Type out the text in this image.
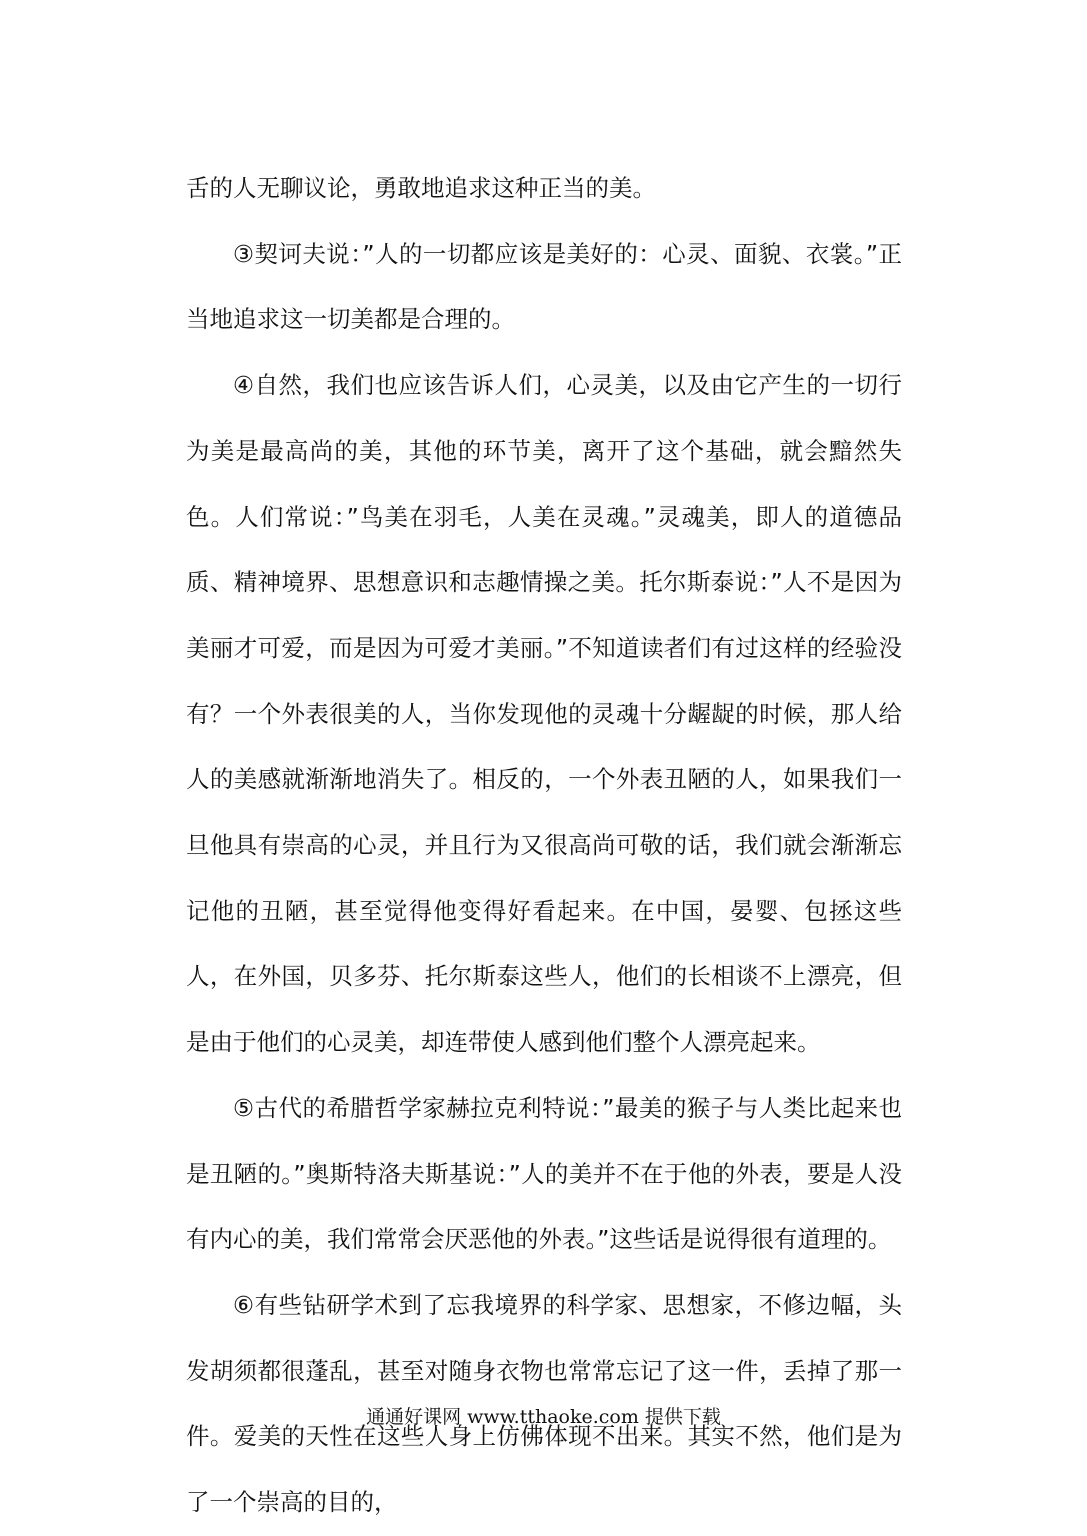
舌的人无聊议论，勇敢地追求这种正当的美。

③契诃夫说：”人的一切都应该是美好的：心灵、面貌、衣裳。”正当地追求这一切美都是合理的。

④自然，我们也应该告诉人们，心灵美，以及由它产生的一切行为美是最高尚的美，其他的环节美，离开了这个基础，就会黯然失色。人们常说：”鸟美在羽毛，人美在灵魂。”灵魂美，即人的道德品质、精神境界、思想意识和志趣情操之美。托尔斯泰说：”人不是因为美丽才可爱，而是因为可爱才美丽。”不知道读者们有过这样的经验没有？一个外表很美的人，当你发现他的灵魂十分龌龊的时候，那人给人的美感就渐渐地消失了。相反的，一个外表丑陋的人，如果我们一旦他具有崇高的心灵，并且行为又很高尚可敬的话，我们就会渐渐忘记他的丑陋，甚至觉得他变得好看起来。在中国，晏婴、包拯这些人，在外国，贝多芬、托尔斯泰这些人，他们的长相谈不上漂亮，但是由于他们的心灵美，却连带使人感到他们整个人漂亮起来。

⑤古代的希腊哲学家赫拉克利特说：”最美的猴子与人类比起来也是丑陋的。”奥斯特洛夫斯基说：”人的美并不在于他的外表，要是人没有内心的美，我们常常会厌恶他的外表。”这些话是说得很有道理的。

⑥有些钻研学术到了忘我境界的科学家、思想家，不修边幅，头发胡须都很蓬乱，甚至对随身衣物也常常忘记了这一件，丢掉了那一件。爱美的天性在这些人身上仿佛体现不出来。其实不然，他们是为了一个崇高的目的，

通通好课网 www.tthaoke.com 提供下载
